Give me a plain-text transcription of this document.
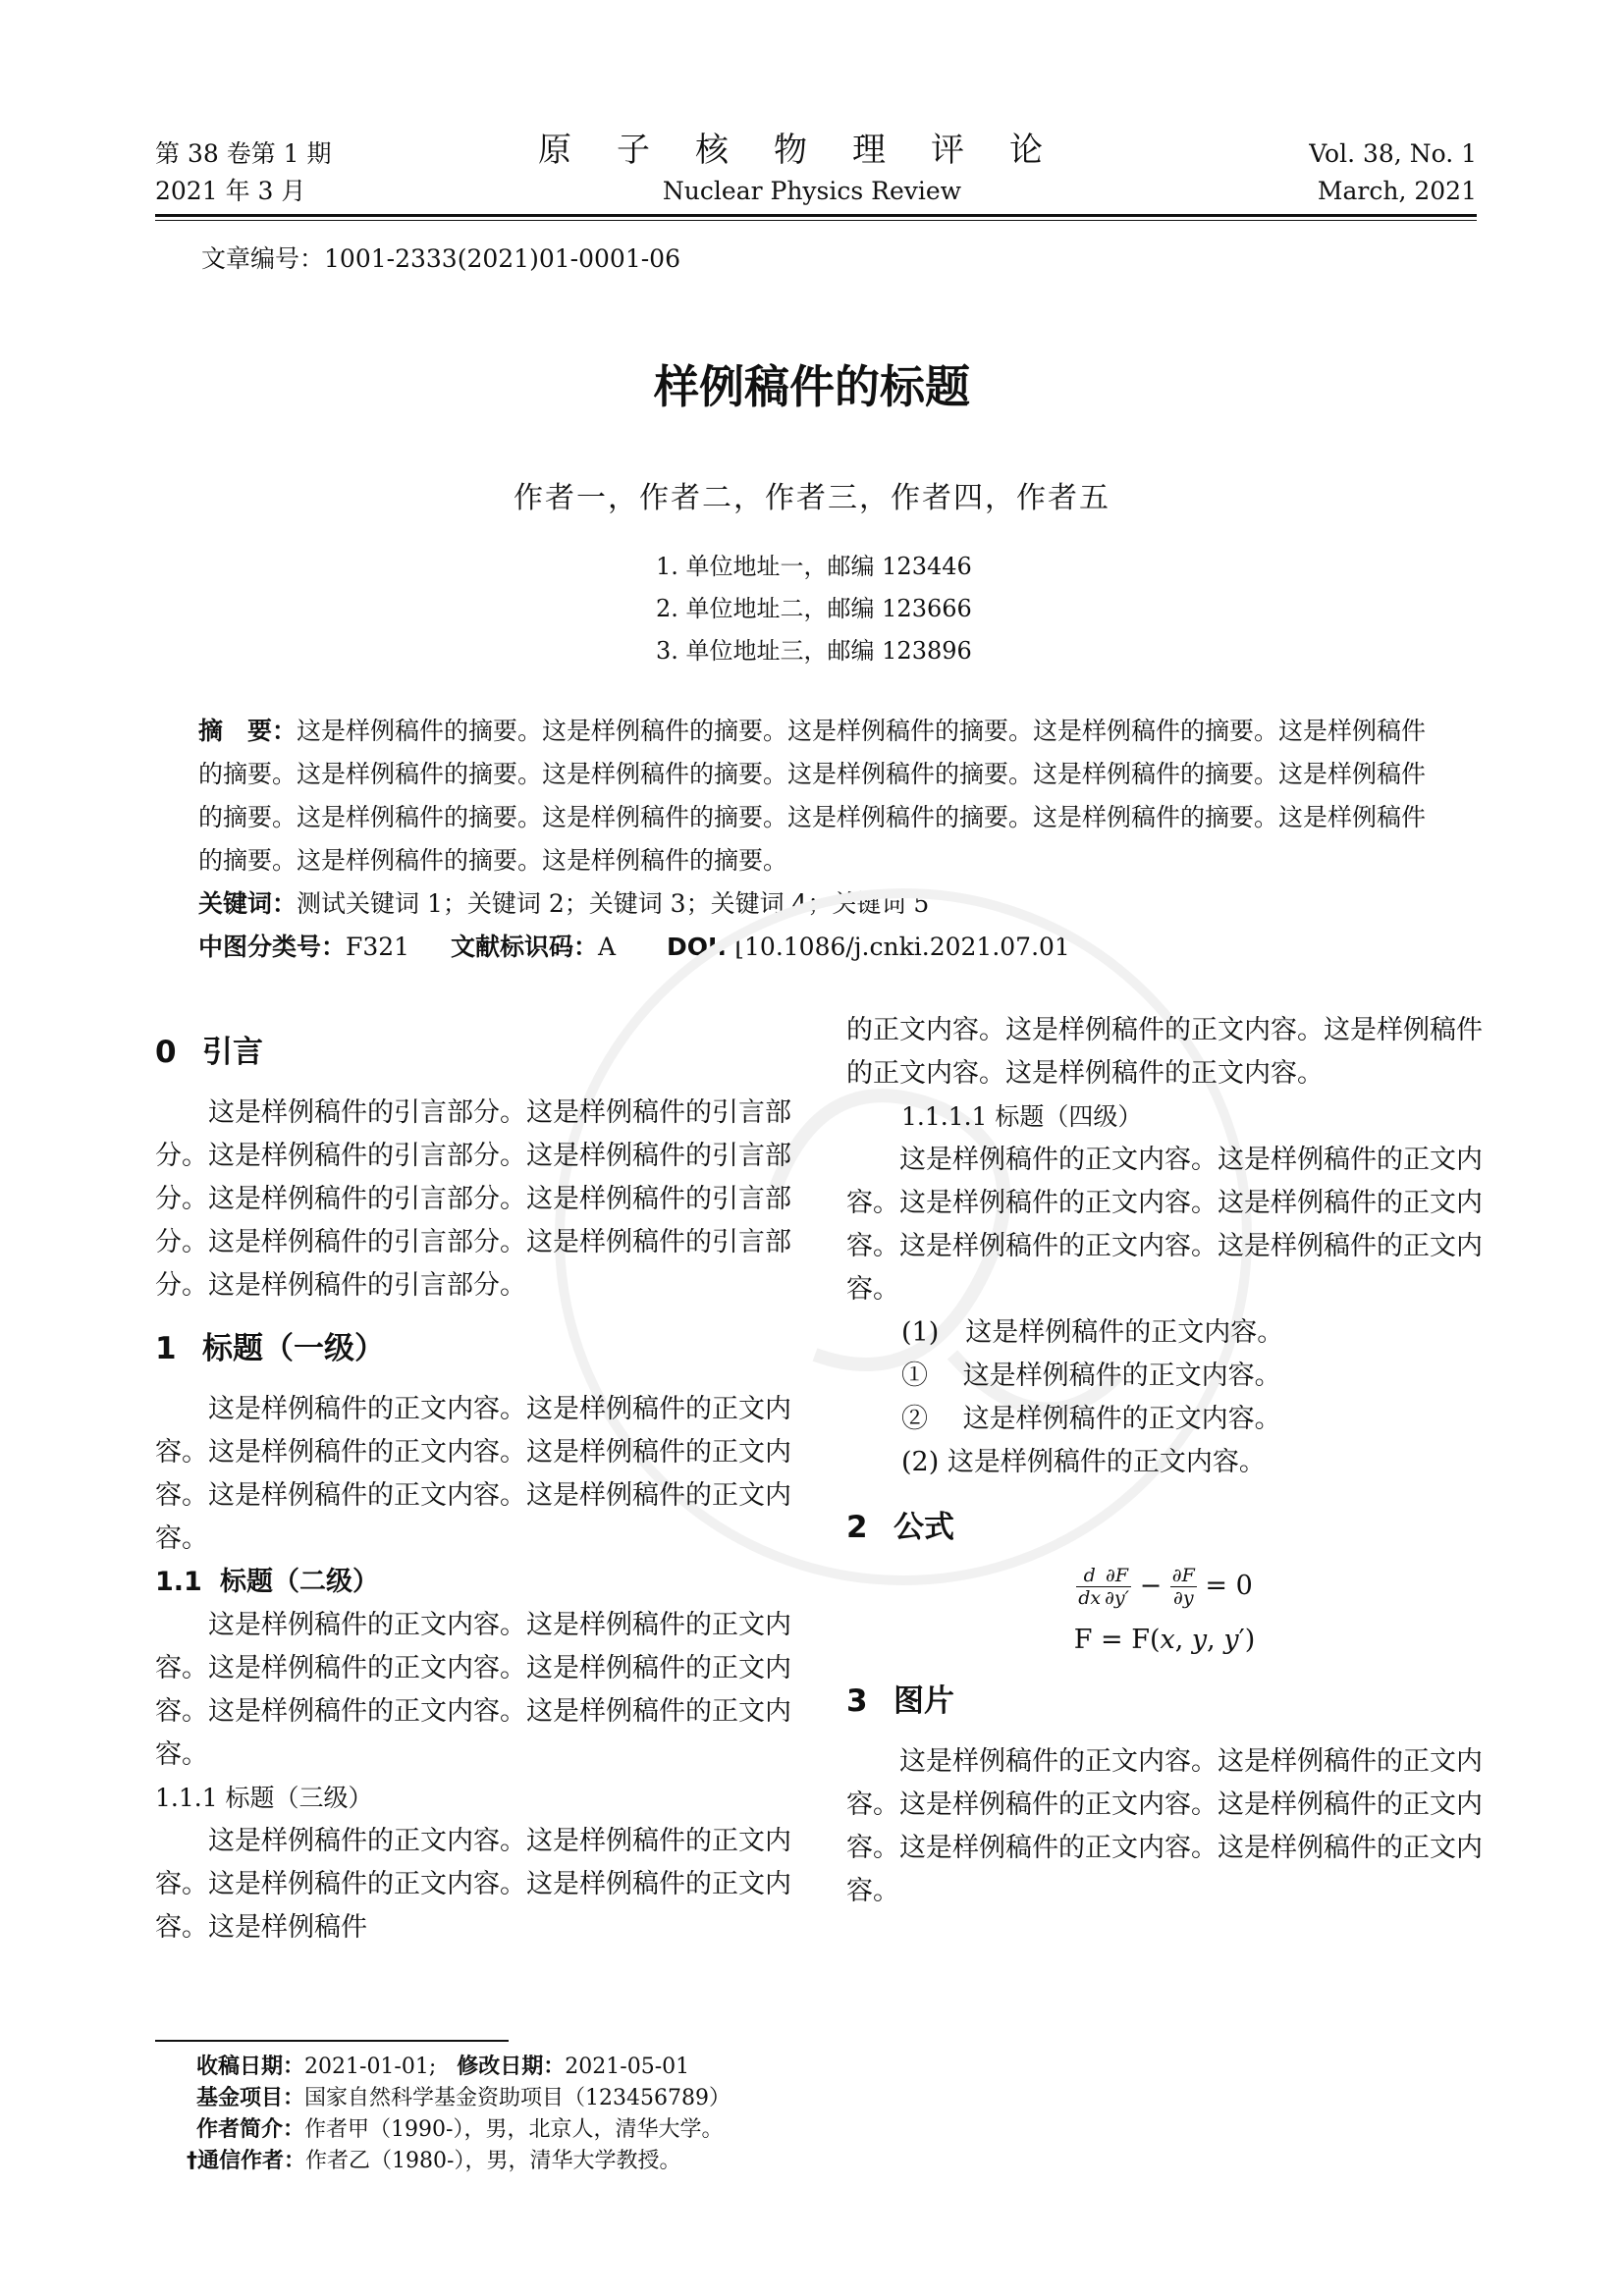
第 38 卷第 1 期
2021 年 3 月
原子核物理评论
Nuclear Physics Review
Vol. 38, No. 1
March, 2021
文章编号：1001-2333(2021)01-0001-06
样例稿件的标题
作者一，作者二，作者三，作者四，作者五
1. 单位地址一，邮编 123446
2. 单位地址二，邮编 123666
3. 单位地址三，邮编 123896
摘　要：这是样例稿件的摘要。这是样例稿件的摘要。这是样例稿件的摘要。这是样例稿件的摘要。这是样例稿件的摘要。这是样例稿件的摘要。这是样例稿件的摘要。这是样例稿件的摘要。这是样例稿件的摘要。这是样例稿件的摘要。这是样例稿件的摘要。这是样例稿件的摘要。这是样例稿件的摘要。这是样例稿件的摘要。这是样例稿件的摘要。这是样例稿件的摘要。这是样例稿件的摘要。
关键词：测试关键词 1；关键词 2；关键词 3；关键词 4；关键词 5
中图分类号：F321 文献标识码：A DOI: [10.1086/j.cnki.2021.07.01

0 引言

这是样例稿件的引言部分。这是样例稿件的引言部分。这是样例稿件的引言部分。这是样例稿件的引言部分。这是样例稿件的引言部分。这是样例稿件的引言部分。这是样例稿件的引言部分。这是样例稿件的引言部分。这是样例稿件的引言部分。

1 标题（一级）

这是样例稿件的正文内容。这是样例稿件的正文内容。这是样例稿件的正文内容。这是样例稿件的正文内容。这是样例稿件的正文内容。这是样例稿件的正文内容。

1.1 标题（二级）

这是样例稿件的正文内容。这是样例稿件的正文内容。这是样例稿件的正文内容。这是样例稿件的正文内容。这是样例稿件的正文内容。这是样例稿件的正文内容。

1.1.1 标题（三级）

这是样例稿件的正文内容。这是样例稿件的正文内容。这是样例稿件的正文内容。这是样例稿件的正文内容。这是样例稿件

的正文内容。这是样例稿件的正文内容。这是样例稿件的正文内容。这是样例稿件的正文内容。

1.1.1.1 标题（四级）

这是样例稿件的正文内容。这是样例稿件的正文内容。这是样例稿件的正文内容。这是样例稿件的正文内容。这是样例稿件的正文内容。这是样例稿件的正文内容。

(1)　这是样例稿件的正文内容。

①　 这是样例稿件的正文内容。

②　 这是样例稿件的正文内容。

(2) 这是样例稿件的正文内容。

2 公式

$\frac{d}{dx} \frac{\partial F}{\partial y'} - \frac{\partial F}{\partial y} = 0$
F = F(𝑥, 𝑦, 𝑦′)

3 图片

这是样例稿件的正文内容。这是样例稿件的正文内容。这是样例稿件的正文内容。这是样例稿件的正文内容。这是样例稿件的正文内容。这是样例稿件的正文内容。

收稿日期：2021-01-01; 修改日期：2021-05-01
基金项目：国家自然科学基金资助项目（123456789）
作者简介：作者甲（1990-），男，北京人，清华大学。
†通信作者：作者乙（1980-），男，清华大学教授。
